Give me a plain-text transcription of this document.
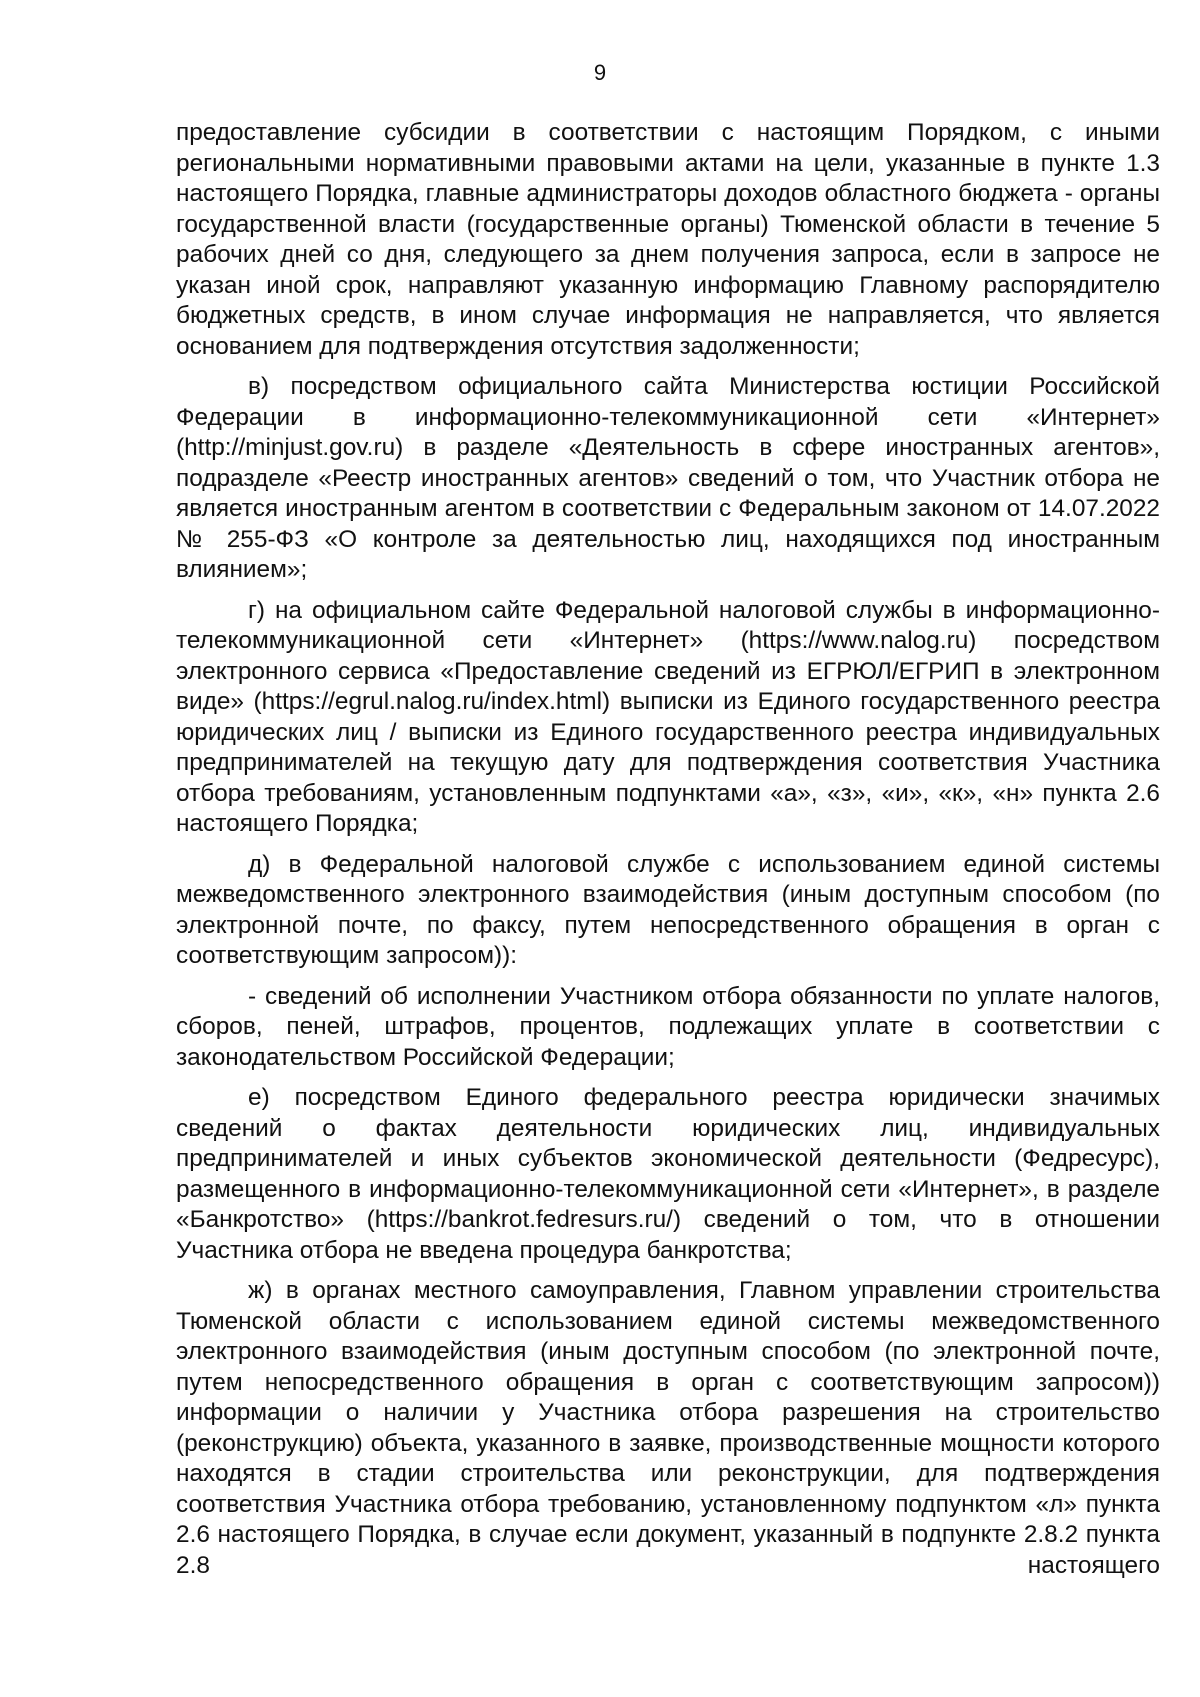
9

предоставление субсидии в соответствии с настоящим Порядком, с иными региональными нормативными правовыми актами на цели, указанные в пункте 1.3 настоящего Порядка, главные администраторы доходов областного бюджета - органы государственной власти (государственные органы) Тюменской области в течение 5 рабочих дней со дня, следующего за днем получения запроса, если в запросе не указан иной срок, направляют указанную информацию Главному распорядителю бюджетных средств, в ином случае информация не направляется, что является основанием для подтверждения отсутствия задолженности;

в) посредством официального сайта Министерства юстиции Российской Федерации в информационно-телекоммуникационной сети «Интернет» (http://minjust.gov.ru) в разделе «Деятельность в сфере иностранных агентов», подразделе «Реестр иностранных агентов» сведений о том, что Участник отбора не является иностранным агентом в соответствии с Федеральным законом от 14.07.2022 № 255-ФЗ «О контроле за деятельностью лиц, находящихся под иностранным влиянием»;

г) на официальном сайте Федеральной налоговой службы в информационно-телекоммуникационной сети «Интернет» (https://www.nalog.ru) посредством электронного сервиса «Предоставление сведений из ЕГРЮЛ/ЕГРИП в электронном виде» (https://egrul.nalog.ru/index.html) выписки из Единого государственного реестра юридических лиц / выписки из Единого государственного реестра индивидуальных предпринимателей на текущую дату для подтверждения соответствия Участника отбора требованиям, установленным подпунктами «а», «з», «и», «к», «н» пункта 2.6 настоящего Порядка;

д) в Федеральной налоговой службе с использованием единой системы межведомственного электронного взаимодействия (иным доступным способом (по электронной почте, по факсу, путем непосредственного обращения в орган с соответствующим запросом)):

- сведений об исполнении Участником отбора обязанности по уплате налогов, сборов, пеней, штрафов, процентов, подлежащих уплате в соответствии с законодательством Российской Федерации;

е) посредством Единого федерального реестра юридически значимых сведений о фактах деятельности юридических лиц, индивидуальных предпринимателей и иных субъектов экономической деятельности (Федресурс), размещенного в информационно-телекоммуникационной сети «Интернет», в разделе «Банкротство» (https://bankrot.fedresurs.ru/) сведений о том, что в отношении Участника отбора не введена процедура банкротства;

ж) в органах местного самоуправления, Главном управлении строительства Тюменской области с использованием единой системы межведомственного электронного взаимодействия (иным доступным способом (по электронной почте, путем непосредственного обращения в орган с соответствующим запросом)) информации о наличии у Участника отбора разрешения на строительство (реконструкцию) объекта, указанного в заявке, производственные мощности которого находятся в стадии строительства или реконструкции, для подтверждения соответствия Участника отбора требованию, установленному подпунктом «л» пункта 2.6 настоящего Порядка, в случае если документ, указанный в подпункте 2.8.2 пункта 2.8 настоящего
